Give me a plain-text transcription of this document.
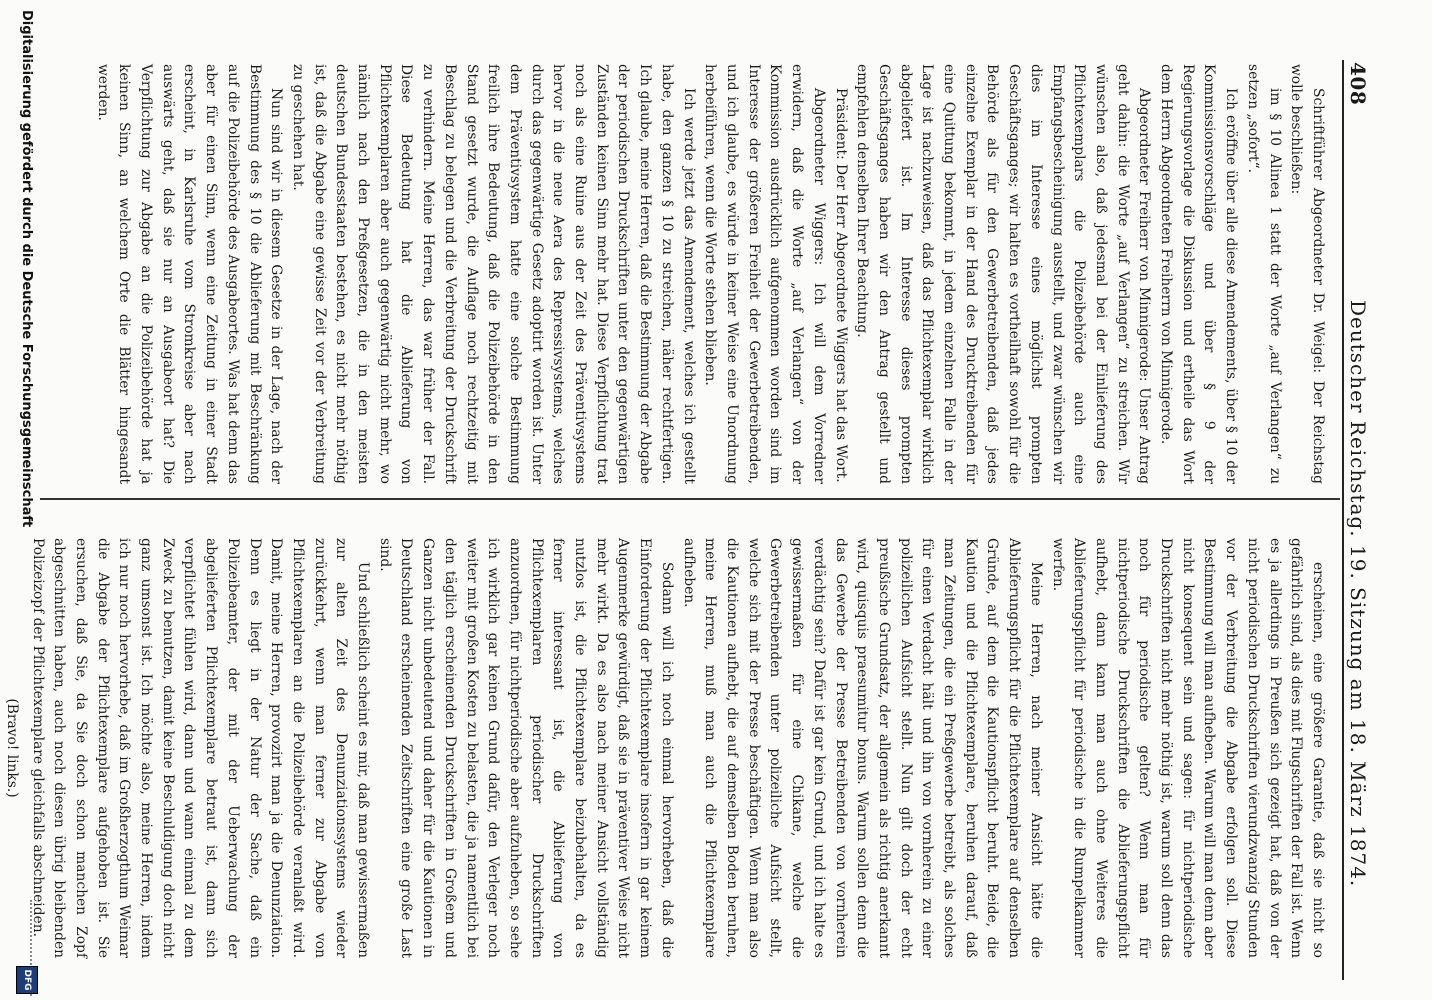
408
Deutscher Reichstag. 19. Sitzung am 18. März 1874.

Schriftführer Abgeordneter Dr. Weigel: Der Reichstag wolle beschließen:

im § 10 Alinea 1 statt der Worte „auf Verlangen“ zu setzen „sofort“.

Ich eröffne über alle diese Amendements, über § 10 der Kommissionsvorschläge und über § 9 der Regierungsvorlage die Diskussion und ertheile das Wort dem Herrn Abgeordneten Freiherrn von Minnigerode.

Abgeordneter Freiherr von Minnigerode: Unser Antrag geht dahin: die Worte „auf Verlangen“ zu streichen. Wir wünschen also, daß jedesmal bei der Einlieferung des Pflichtexemplars die Polizeibehörde auch eine Empfangsbescheinigung ausstellt, und zwar wünschen wir dies im Interesse eines möglichst prompten Geschäftsganges; wir halten es vortheilhaft sowohl für die Behörde als für den Gewerbetreibenden, daß jedes einzelne Exemplar in der Hand des Drucktreibenden für eine Quittung bekommt, in jedem einzelnen Falle in der Lage ist nachzuweisen, daß das Pflichtexemplar wirklich abgeliefert ist. Im Interesse dieses prompten Geschäftsganges haben wir den Antrag gestellt und empfehlen denselben Ihrer Beachtung.

Präsident: Der Herr Abgeordnete Wiggers hat das Wort.

Abgeordneter Wiggers: Ich will dem Vorredner erwidern, daß die Worte „auf Verlangen“ von der Kommission ausdrücklich aufgenommen worden sind im Interesse der größeren Freiheit der Gewerbetreibenden, und ich glaube, es würde in keiner Weise eine Unordnung herbeiführen, wenn die Worte stehen blieben.

Ich werde jetzt das Amendement, welches ich gestellt habe, den ganzen § 10 zu streichen, näher rechtfertigen. Ich glaube, meine Herren, daß die Bestimmung der Abgabe der periodischen Druckschriften unter den gegenwärtigen Zuständen keinen Sinn mehr hat. Diese Verpflichtung trat noch als eine Ruine aus der Zeit des Präventivsystems hervor in die neue Aera des Repressivsystems, welches durch das gegenwärtige Gesetz adoptirt worden ist. Unter dem Präventivsystem hatte eine solche Bestimmung freilich ihre Bedeutung, daß die Polizeibehörde in den Stand gesetzt wurde, die Auflage noch rechtzeitig mit Beschlag zu belegen und die Verbreitung der Druckschrift zu verhindern. Meine Herren, das war früher der Fall. Diese Bedeutung hat die Ablieferung von Pflichtexemplaren aber auch gegenwärtig nicht mehr, wo nämlich nach den Preßgesetzen, die in den meisten deutschen Bundesstaaten bestehen, es nicht mehr nöthig ist, daß die Abgabe eine gewisse Zeit vor der Verbreitung zu geschehen hat.

Nun sind wir in diesem Gesetze in der Lage, nach der Bestimmung des § 10 die Ablieferung mit Beschränkung auf die Polizeibehörde des Ausgabeortes. Was hat denn das aber für einen Sinn, wenn eine Zeitung in einer Stadt erscheint, in Karlsruhe vom Stromkreise aber nach auswärts geht, daß sie nur an Ausgabeort hat? Die Verpflichtung zur Abgabe an die Polizeibehörde hat ja keinen Sinn, an welchem Orte die Blätter hingesandt werden.

erscheinen, eine größere Garantie, daß sie nicht so gefährlich sind, als dies mit Flugschriften der Fall ist. Wenn es ja allerdings in Preußen sich gezeigt hat, daß von der nicht periodischen Druckschriften vierundzwanzig Stunden vor der Verbreitung die Abgabe erfolgen soll. Diese Bestimmung will man aufheben. Warum will man denn aber nicht konsequent sein und sagen: für nichtperiodische Druckschriften nicht mehr nöthig ist, warum soll denn das noch für periodische gelten? Wenn man für nichtperiodische Druckschriften die Ablieferungspflicht aufhebt, dann kann man auch ohne Weiteres die Ablieferungspflicht für periodische in die Rumpelkammer werfen.

Meine Herren, nach meiner Ansicht hätte die Ablieferungspflicht für die Pflichtexemplare auf denselben Gründe, auf dem die Kautionspflicht beruht. Beide, die Kaution und die Pflichtexemplare, beruhen darauf, daß man Zeitungen, die ein Preßgewerbe betreibt, als solches für einen Verdacht hält und ihn von vornherein zu einer polizeilichen Aufsicht stellt. Nun gilt doch der echt preußische Grundsatz, der allgemein als richtig anerkannt wird, quisquis praesumitur bonus. Warum sollen denn die das Gewerbe der Presse Betreibenden von vornherein verdächtig sein? Dafür ist gar kein Grund, und ich halte es gewissermaßen für eine Chikane, welche die Gewerbetreibenden unter polizeiliche Aufsicht stellt, welche sich mit der Presse beschäftigen. Wenn man also die Kautionen aufhebt, die auf demselben Boden beruhen, meine Herren, muß man auch die Pflichtexemplare aufheben.

Sodann will ich noch einmal hervorheben, daß die Einforderung der Pflichtexemplare insofern in gar keinem Augenmerke gewürdigt, daß sie in präventiver Weise nicht mehr wirkt. Da es also nach meiner Ansicht vollständig nutzlos ist, die Pflichtexemplare beizubehalten, da es ferner interessant ist, die Ablieferung von Pflichtexemplaren periodischer Druckschriften anzuordnen, für nichtperiodische aber aufzuheben, so sehe ich wirklich gar keinen Grund dafür, den Verleger noch weiter mit großen Kosten zu belasten, die ja namentlich bei den täglich erscheinenden Druckschriften in Großem und Ganzen nicht unbedeutend und daher für die Kautionen in Deutschland erscheinenden Zeitschriften eine große Last sind.

Und schließlich scheint es mir, daß man gewissermaßen zur alten Zeit des Denunziationssystems wieder zurückkehrt, wenn man ferner zur Abgabe von Pflichtexemplaren an die Polizeibehörde veranlaßt wird. Damit, meine Herren, provozirt man ja die Denunziation. Denn es liegt in der Natur der Sache, daß ein Polizeibeamter, der mit der Ueberwachung der abgelieferten Pflichtexemplare betraut ist, dann sich verpflichtet fühlen wird, dann und wann einmal zu dem Zweck zu benutzen, damit keine Beschuldigung doch nicht ganz umsonst ist. Ich möchte also, meine Herren, indem ich nur noch hervorhebe, daß im Großherzogthum Weimar die Abgabe der Pflichtexemplare aufgehoben ist. Sie ersuchen, daß Sie, da Sie doch schon manchen Zopf abgeschnitten haben, auch noch diesen übrig bleibenden Polizeizopf der Pflichtexemplare gleichfalls abschneiden.

(Bravo! links.)

Digitalisierung gefördert durch die Deutsche Forschungsgemeinschaft
DFG
